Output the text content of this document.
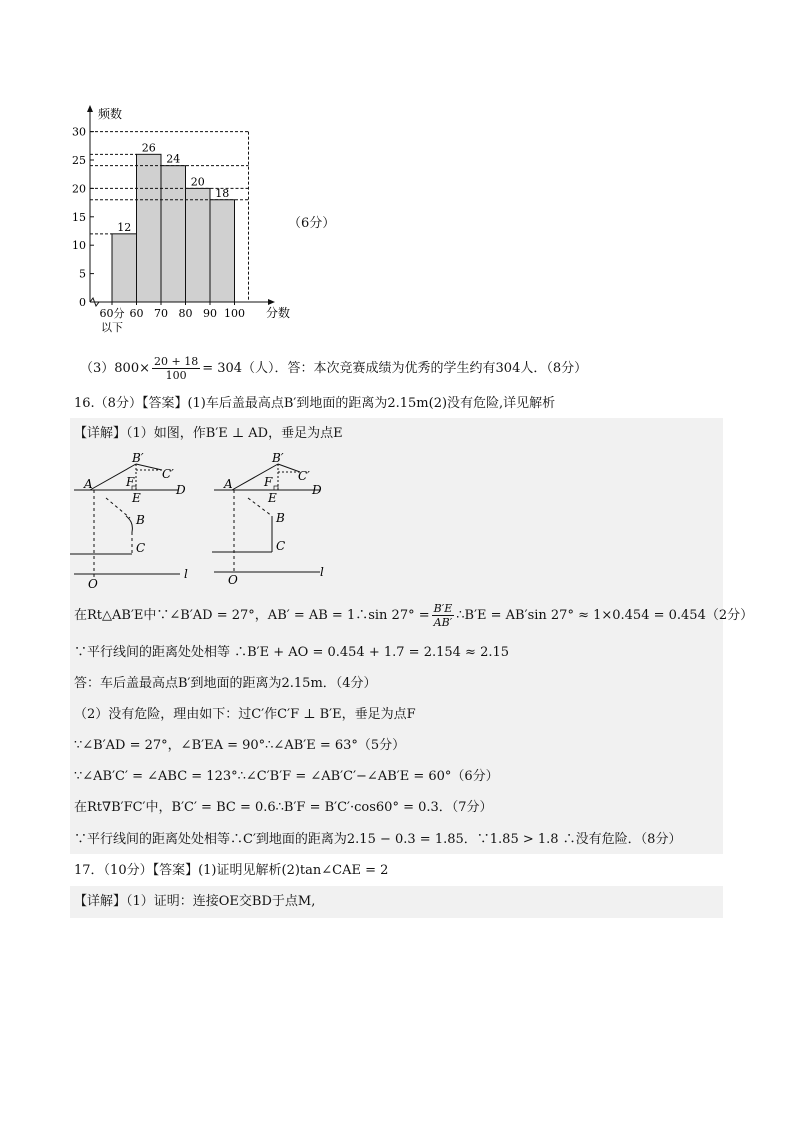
0
5
10
15
20
25
30
12
26
24
20
18
60分
以下
60 70 80 90 100 分数
频数
（6分）
$(3)800\times \frac{20 + 18}{100} = 304$（人）．答：本次竞赛成绩为优秀的学生约有304人．（8分）
16.（8分）【答案】(1)车后盖最高点B′到地面的距离为2.15m(2)没有危险,详见解析
【详解】（1）如图，作B′E ⊥ AD，垂足为点E
A
B′
C′
F
E
D
B
C
O
l
A
B′
C′
F
E
D
B
C
O
l
在Rt△AB′E中∵∠B′AD = 27°，AB′ = AB = 1∴sin $27^\circ = \frac{B'E}{AB'}$ ∴B′E = AB′sin 27° ≈ 1×0.454 = 0.454（2分）
∵平行线间的距离处处相等 ∴B′E + AO = 0.454 + 1.7 = 2.154 ≈ 2.15
答：车后盖最高点B′到地面的距离为2.15m．（4分）
（2）没有危险，理由如下：过C′作C′F ⊥ B′E，垂足为点F
∵∠B′AD = 27°，∠B′EA = 90°∴∠AB′E = 63°（5分）
∵∠AB′C′ = ∠ABC = 123°∴∠C′B′F = ∠AB′C′−∠AB′E = 60°（6分）
在Rt∇B′FC′中，B′C′ = BC = 0.6∴B′F = B′C′·cos60° = 0.3．（7分）
∵平行线间的距离处处相等∴C′到地面的距离为2.15 − 0.3 = 1.85．∵1.85 > 1.8 ∴没有危险．（8分）
17．（10分）【答案】(1)证明见解析(2)tan∠CAE = 2
【详解】（1）证明：连接OE交BD于点M,
